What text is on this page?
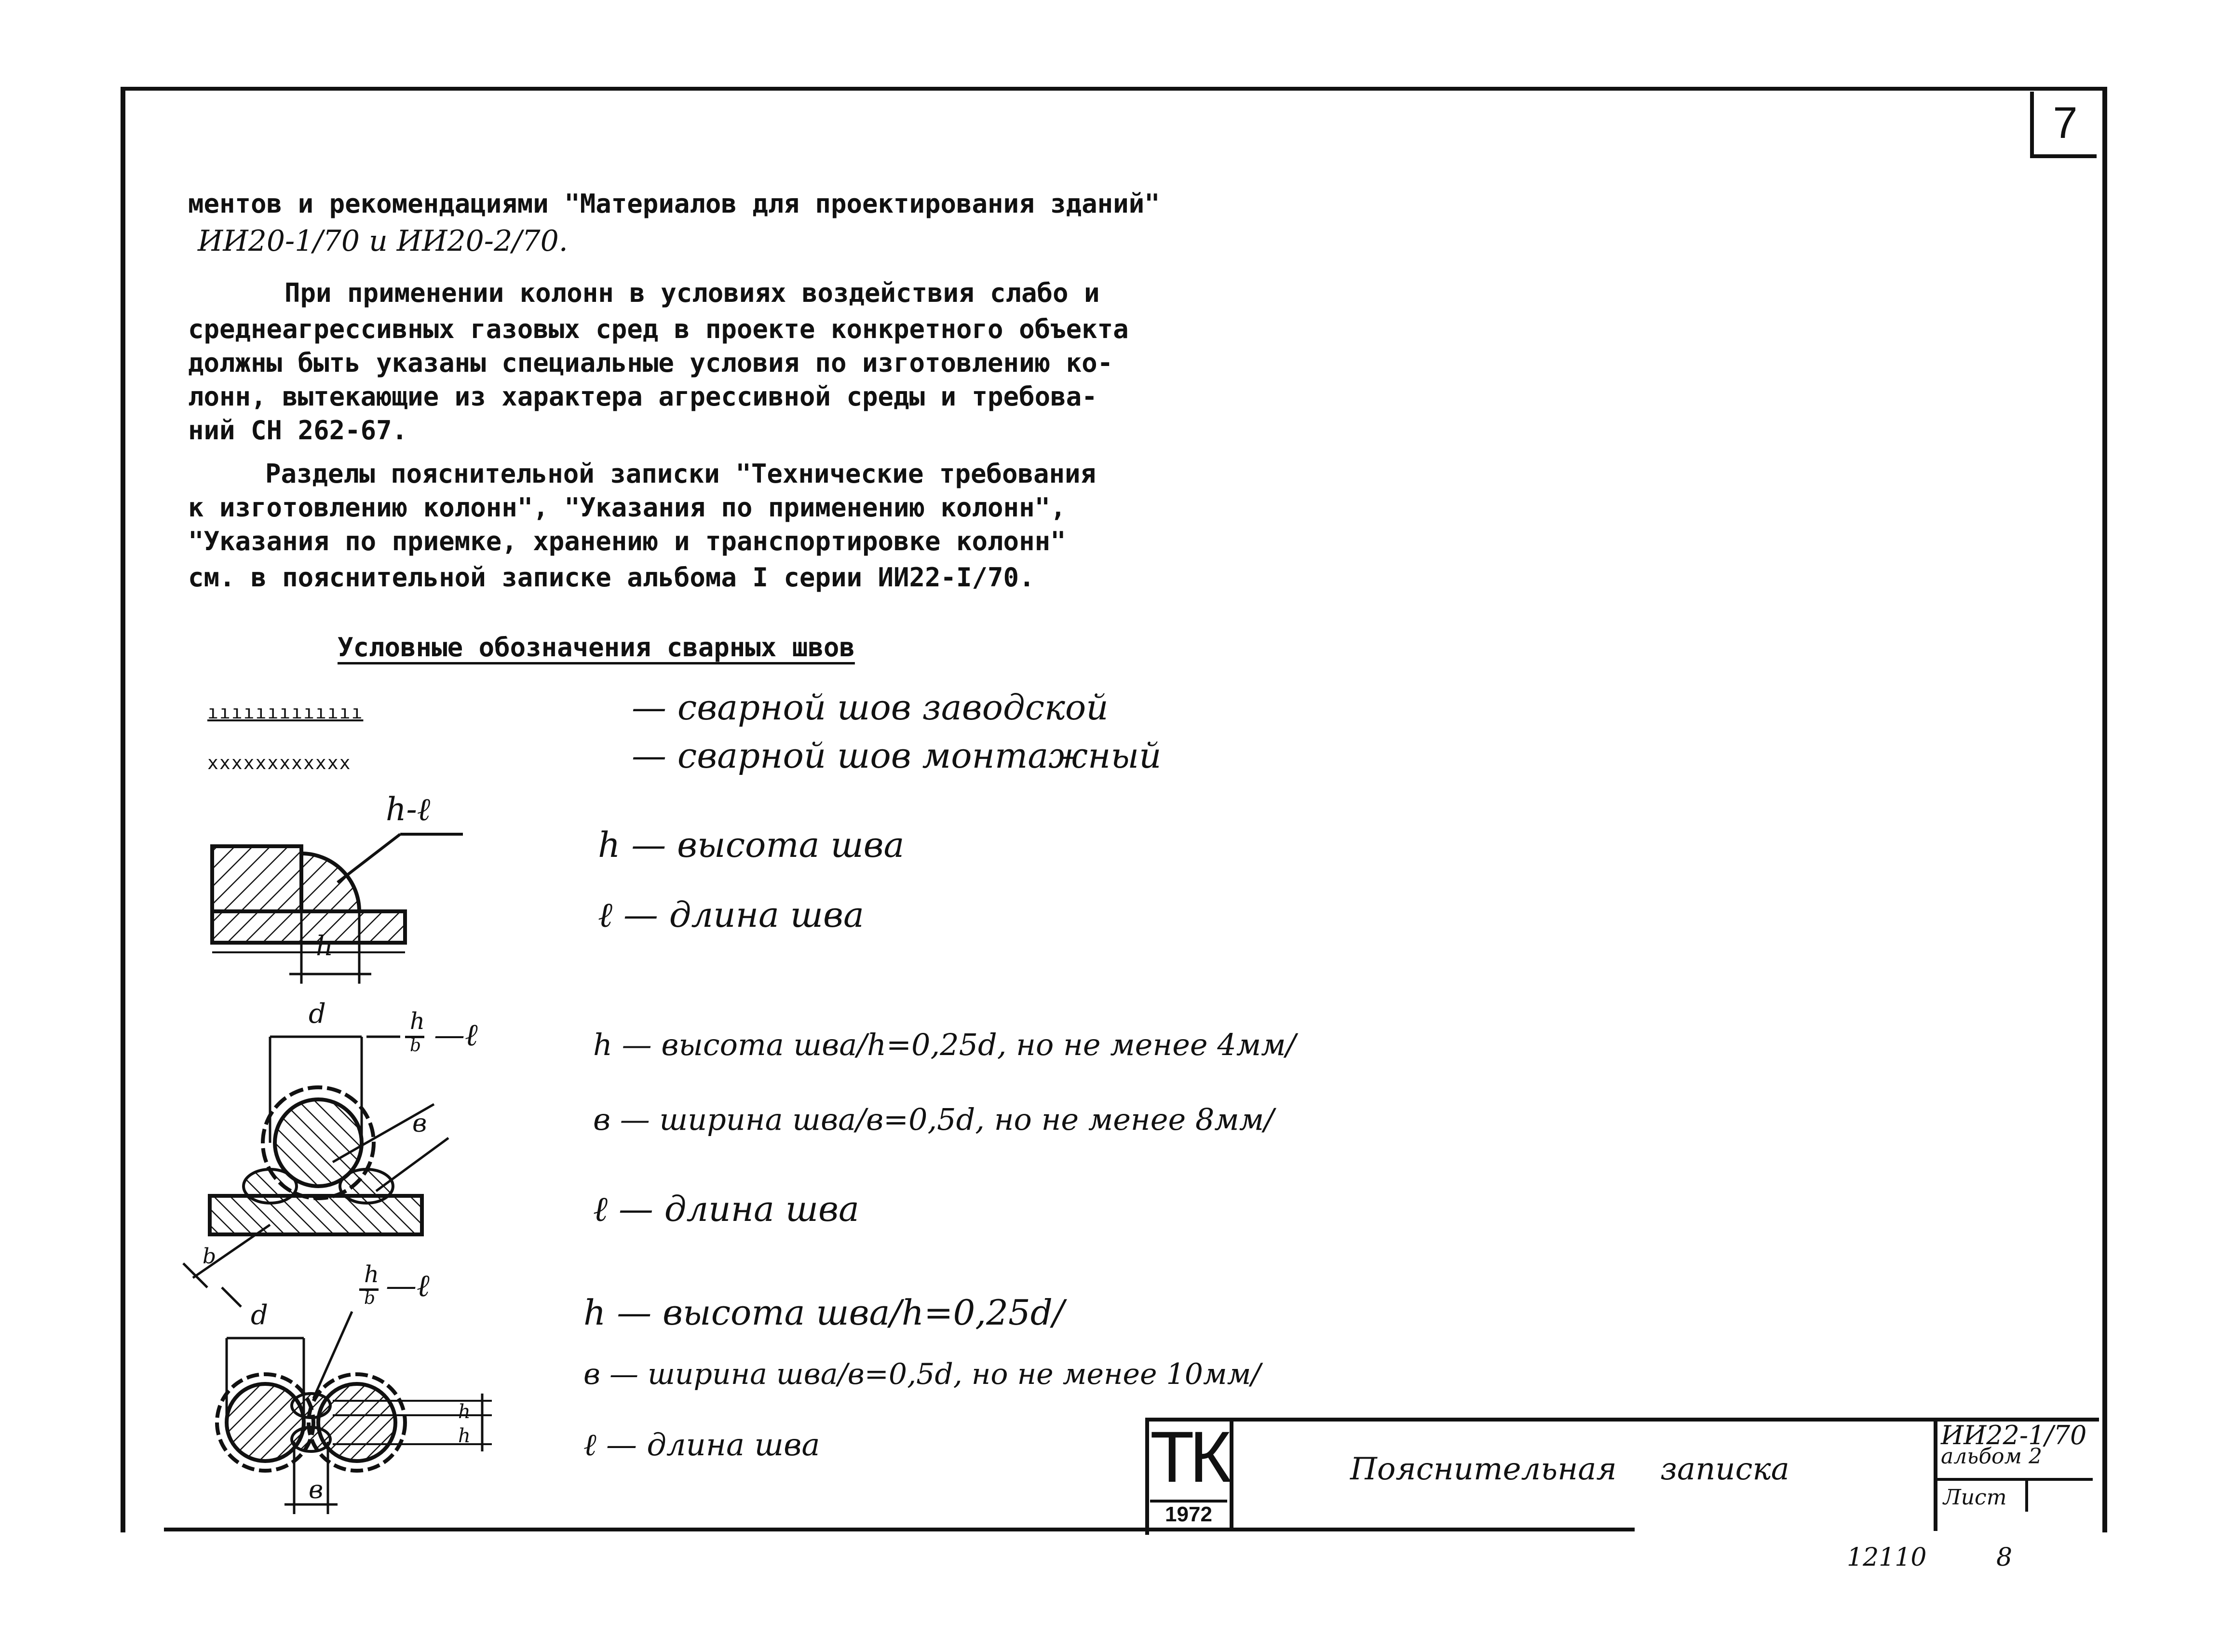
7
ментов и рекомендациями "Материалов для проектирования зданий"
ИИ20-1/70 и ИИ20-2/70.
При применении колонн в условиях воздействия слабо и
среднеагрессивных газовых сред в проекте конкретного объекта
должны быть указаны специальные условия по изготовлению ко-
лонн, вытекающие из характера агрессивной среды и требова-
ний СН 262-67.
Разделы пояснительной записки "Технические требования
к изготовлению колонн", "Указания по применению колонн",
"Указания по приемке, хранению и транспортировке колонн"
см. в пояснительной записке альбома I серии ИИ22-I/70.
Условные обозначения сварных швов
ııııııııııııı	— сварной шов заводской
xxxxxxxxxxxx	— сварной шов монтажный
h-ℓ
h
h — высота шва
ℓ — длина шва
d	h
b —ℓ
в
b
h — высота шва/h=0,25d, но не менее 4мм/
в — ширина шва/в=0,5d, но не менее 8мм/
ℓ — длина шва
d
h
b —ℓ
h
h
в
h — высота шва/h=0,25d/
в — ширина шва/в=0,5d, но не менее 10мм/
ℓ — длина шва	ТК
1972
Пояснительная записка
ИИ22-1/70
альбом 2
Лист
12110	8
